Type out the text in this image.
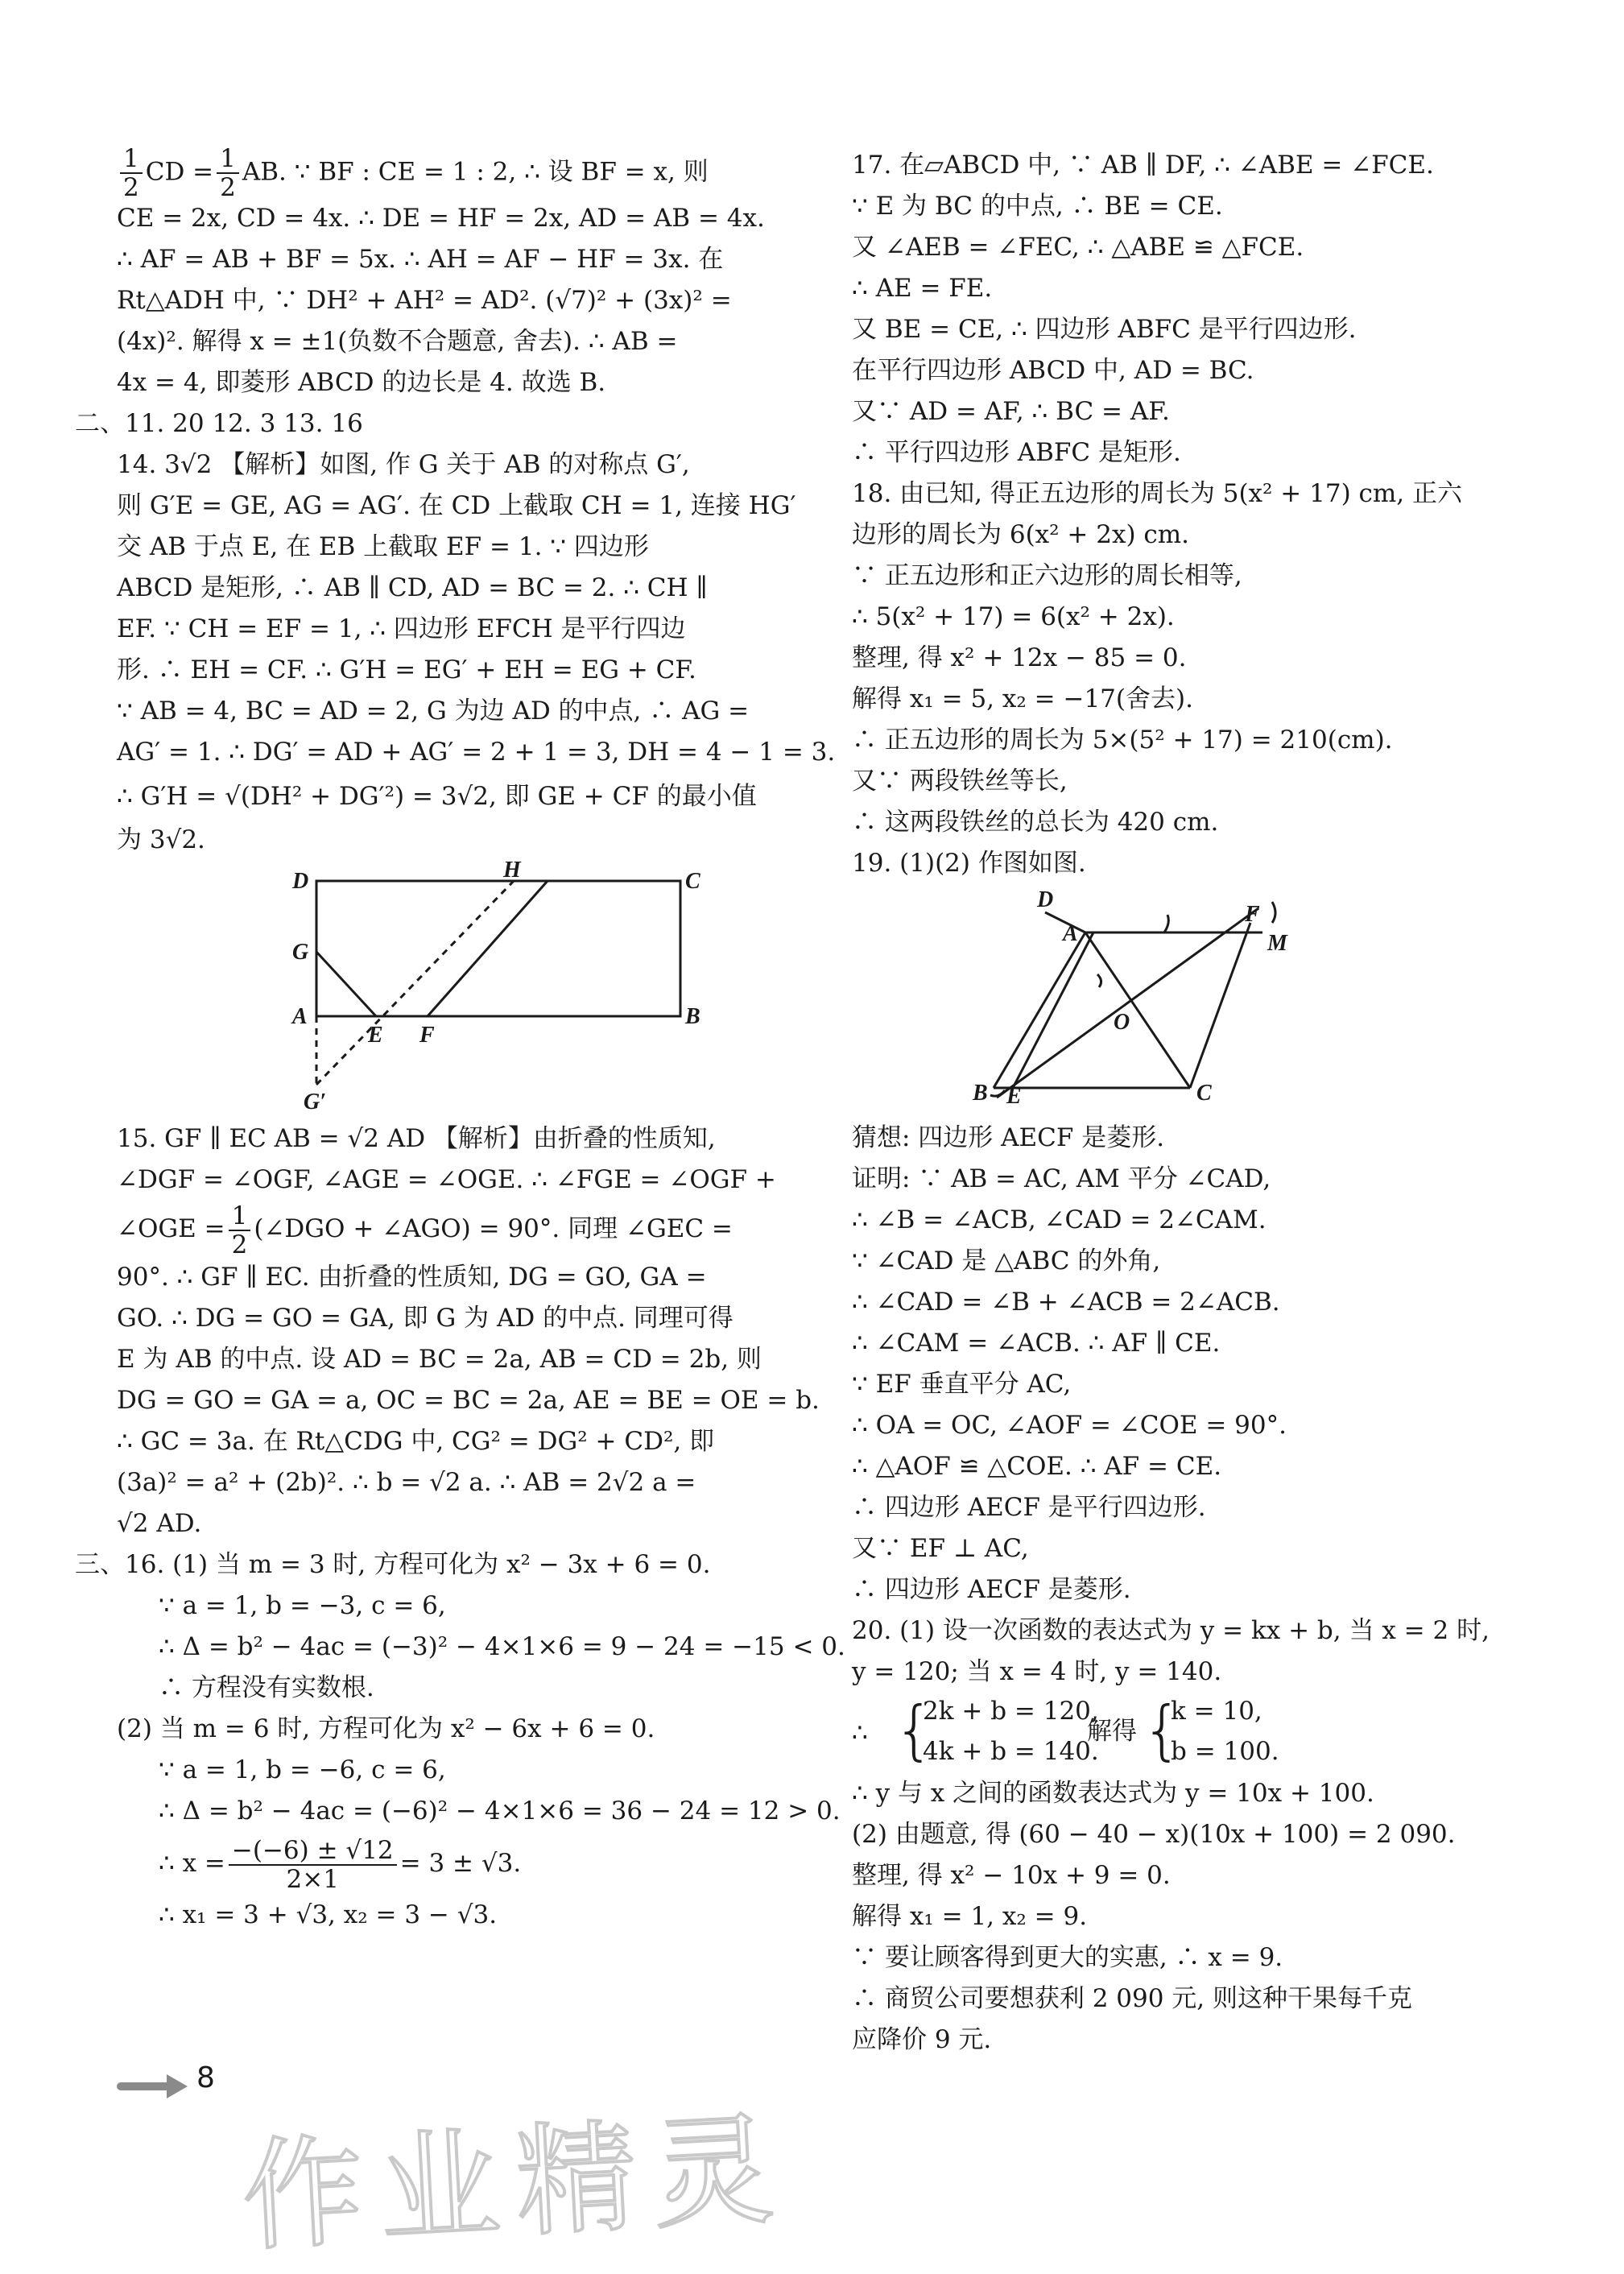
$\frac{1}{2}$ CD = $\frac{1}{2}$ AB. ∵ BF : CE = 1 : 2, ∴ 设 BF = x, 则
CE = 2x, CD = 4x. ∴ DE = HF = 2x, AD = AB = 4x.
∴ AF = AB + BF = 5x. ∴ AH = AF − HF = 3x. 在
Rt△ADH 中, ∵ DH² + AH² = AD². (√7)² + (3x)² =
(4x)². 解得 x = ±1(负数不合题意, 舍去). ∴ AB =
4x = 4, 即菱形 ABCD 的边长是 4. 故选 B.
二、11. 20 12. 3 13. 16
14. 3√2 【解析】如图, 作 G 关于 AB 的对称点 G′,
则 G′E = GE, AG = AG′. 在 CD 上截取 CH = 1, 连接 HG′
交 AB 于点 E, 在 EB 上截取 EF = 1. ∵ 四边形
ABCD 是矩形, ∴ AB ∥ CD, AD = BC = 2. ∴ CH ∥
EF. ∵ CH = EF = 1, ∴ 四边形 EFCH 是平行四边
形. ∴ EH = CF. ∴ G′H = EG′ + EH = EG + CF.
∵ AB = 4, BC = AD = 2, G 为边 AD 的中点, ∴ AG =
AG′ = 1. ∴ DG′ = AD + AG′ = 2 + 1 = 3, DH = 4 − 1 = 3.
∴ G′H = √(DH² + DG′²) = 3√2, 即 GE + CF 的最小值
为 3√2.
D	H	C
G
A
E F
B
G′
15. GF ∥ EC AB = √2 AD 【解析】由折叠的性质知,
∠DGF = ∠OGF, ∠AGE = ∠OGE. ∴ ∠FGE = ∠OGF +
∠OGE = $\frac{1}{2}$ (∠DGO + ∠AGO) = 90°. 同理 ∠GEC =
90°. ∴ GF ∥ EC. 由折叠的性质知, DG = GO, GA =
GO. ∴ DG = GO = GA, 即 G 为 AD 的中点. 同理可得
E 为 AB 的中点. 设 AD = BC = 2a, AB = CD = 2b, 则
DG = GO = GA = a, OC = BC = 2a, AE = BE = OE = b.
∴ GC = 3a. 在 Rt△CDG 中, CG² = DG² + CD², 即
(3a)² = a² + (2b)². ∴ b = √2 a. ∴ AB = 2√2 a =
√2 AD.
三、16. (1) 当 m = 3 时, 方程可化为 x² − 3x + 6 = 0.
∵ a = 1, b = −3, c = 6,
∴ Δ = b² − 4ac = (−3)² − 4×1×6 = 9 − 24 = −15 < 0.
∴ 方程没有实数根.
(2) 当 m = 6 时, 方程可化为 x² − 6x + 6 = 0.
∵ a = 1, b = −6, c = 6,
∴ Δ = b² − 4ac = (−6)² − 4×1×6 = 36 − 24 = 12 > 0.
∴ $x = \frac{-(-6) \pm √12}{2\times 1} = 3 \pm √3$.
∴ x₁ = 3 + √3, x₂ = 3 − √3.
17. 在▱ABCD 中, ∵ AB ∥ DF, ∴ ∠ABE = ∠FCE.
∵ E 为 BC 的中点, ∴ BE = CE.
又 ∠AEB = ∠FEC, ∴ △ABE ≌ △FCE.
∴ AE = FE.
又 BE = CE, ∴ 四边形 ABFC 是平行四边形.
在平行四边形 ABCD 中, AD = BC.
又∵ AD = AF, ∴ BC = AF.
∴ 平行四边形 ABFC 是矩形.
18. 由已知, 得正五边形的周长为 5(x² + 17) cm, 正六
边形的周长为 6(x² + 2x) cm.
∵ 正五边形和正六边形的周长相等,
∴ 5(x² + 17) = 6(x² + 2x).
整理, 得 x² + 12x − 85 = 0.
解得 x₁ = 5, x₂ = −17(舍去).
∴ 正五边形的周长为 5×(5² + 17) = 210(cm).
又∵ 两段铁丝等长,
∴ 这两段铁丝的总长为 420 cm.
19. (1)(2) 作图如图.
D
A
F
M
O
B E	C
猜想: 四边形 AECF 是菱形.
证明: ∵ AB = AC, AM 平分 ∠CAD,
∴ ∠B = ∠ACB, ∠CAD = 2∠CAM.
∵ ∠CAD 是 △ABC 的外角,
∴ ∠CAD = ∠B + ∠ACB = 2∠ACB.
∴ ∠CAM = ∠ACB. ∴ AF ∥ CE.
∵ EF 垂直平分 AC,
∴ OA = OC, ∠AOF = ∠COE = 90°.
∴ △AOF ≌ △COE. ∴ AF = CE.
∴ 四边形 AECF 是平行四边形.
又∵ EF ⊥ AC,
∴ 四边形 AECF 是菱形.
20. (1) 设一次函数的表达式为 y = kx + b, 当 x = 2 时,
y = 120; 当 x = 4 时, y = 140.
∴ {
2k + b = 120,
4k + b = 140.
解得 {
k = 10,
b = 100.
∴ y 与 x 之间的函数表达式为 y = 10x + 100.
(2) 由题意, 得 (60 − 40 − x)(10x + 100) = 2 090.
整理, 得 x² − 10x + 9 = 0.
解得 x₁ = 1, x₂ = 9.
∵ 要让顾客得到更大的实惠, ∴ x = 9.
∴ 商贸公司要想获利 2 090 元, 则这种干果每千克
应降价 9 元.
8
作业精灵
